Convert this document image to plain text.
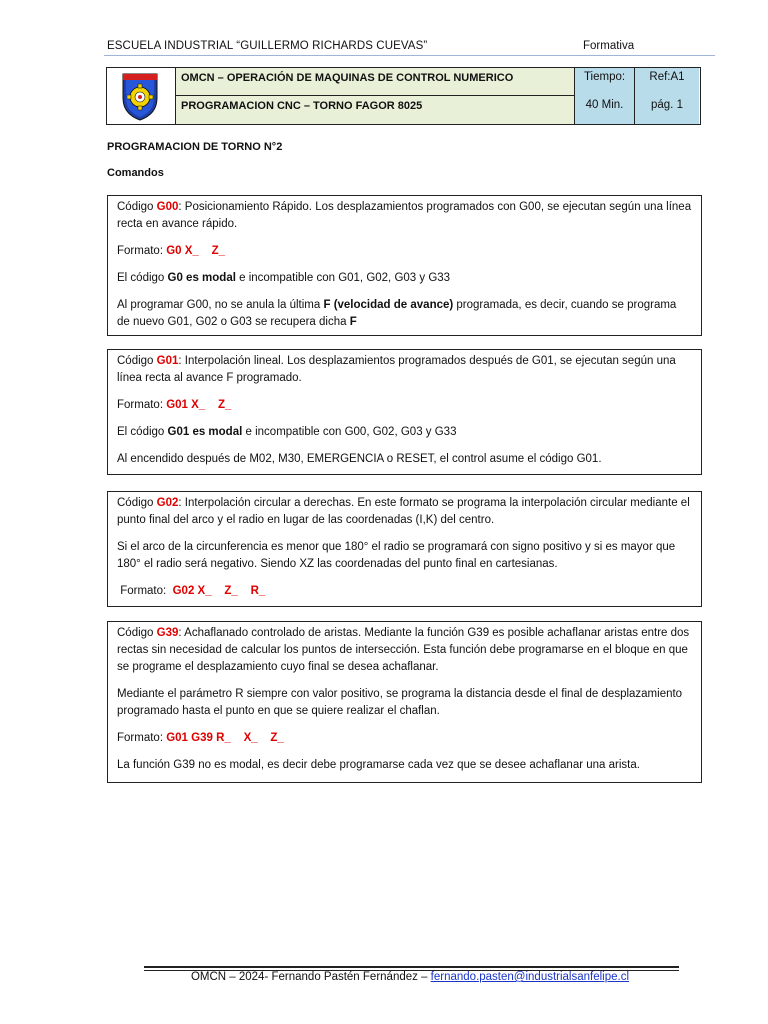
ESCUELA INDUSTRIAL “GUILLERMO RICHARDS CUEVAS”	Formativa
OMCN – OPERACIÓN DE MAQUINAS DE CONTROL NUMERICO
PROGRAMACION CNC – TORNO FAGOR 8025
Tiempo:
40 Min.
Ref:A1
pág. 1
PROGRAMACION DE TORNO N°2
Comandos

Código G00: Posicionamiento Rápido. Los desplazamientos programados con G00, se ejecutan según una línea recta en avance rápido.

Formato: G0 X_    Z_

El código G0 es modal e incompatible con G01, G02, G03 y G33

Al programar G00, no se anula la última F (velocidad de avance) programada, es decir, cuando se programa de nuevo G01, G02 o G03 se recupera dicha F

Código G01: Interpolación lineal. Los desplazamientos programados después de G01, se ejecutan según una línea recta al avance F programado.

Formato: G01 X_    Z_

El código G01 es modal e incompatible con G00, G02, G03 y G33

Al encendido después de M02, M30, EMERGENCIA o RESET, el control asume el código G01.

Código G02: Interpolación circular a derechas. En este formato se programa la interpolación circular mediante el punto final del arco y el radio en lugar de las coordenadas (I,K) del centro.

Si el arco de la circunferencia es menor que 180° el radio se programará con signo positivo y si es mayor que 180° el radio será negativo. Siendo XZ las coordenadas del punto final en cartesianas.

Formato:  G02 X_    Z_    R_

Código G39: Achaflanado controlado de aristas. Mediante la función G39 es posible achaflanar aristas entre dos rectas sin necesidad de calcular los puntos de intersección. Esta función debe programarse en el bloque en que se programe el desplazamiento cuyo final se desea achaflanar.

Mediante el parámetro R siempre con valor positivo, se programa la distancia desde el final de desplazamiento programado hasta el punto en que se quiere realizar el chaflan.

Formato: G01 G39 R_    X_    Z_

La función G39 no es modal, es decir debe programarse cada vez que se desee achaflanar una arista.

OMCN – 2024- Fernando Pastén Fernández – fernando.pasten@industrialsanfelipe.cl
